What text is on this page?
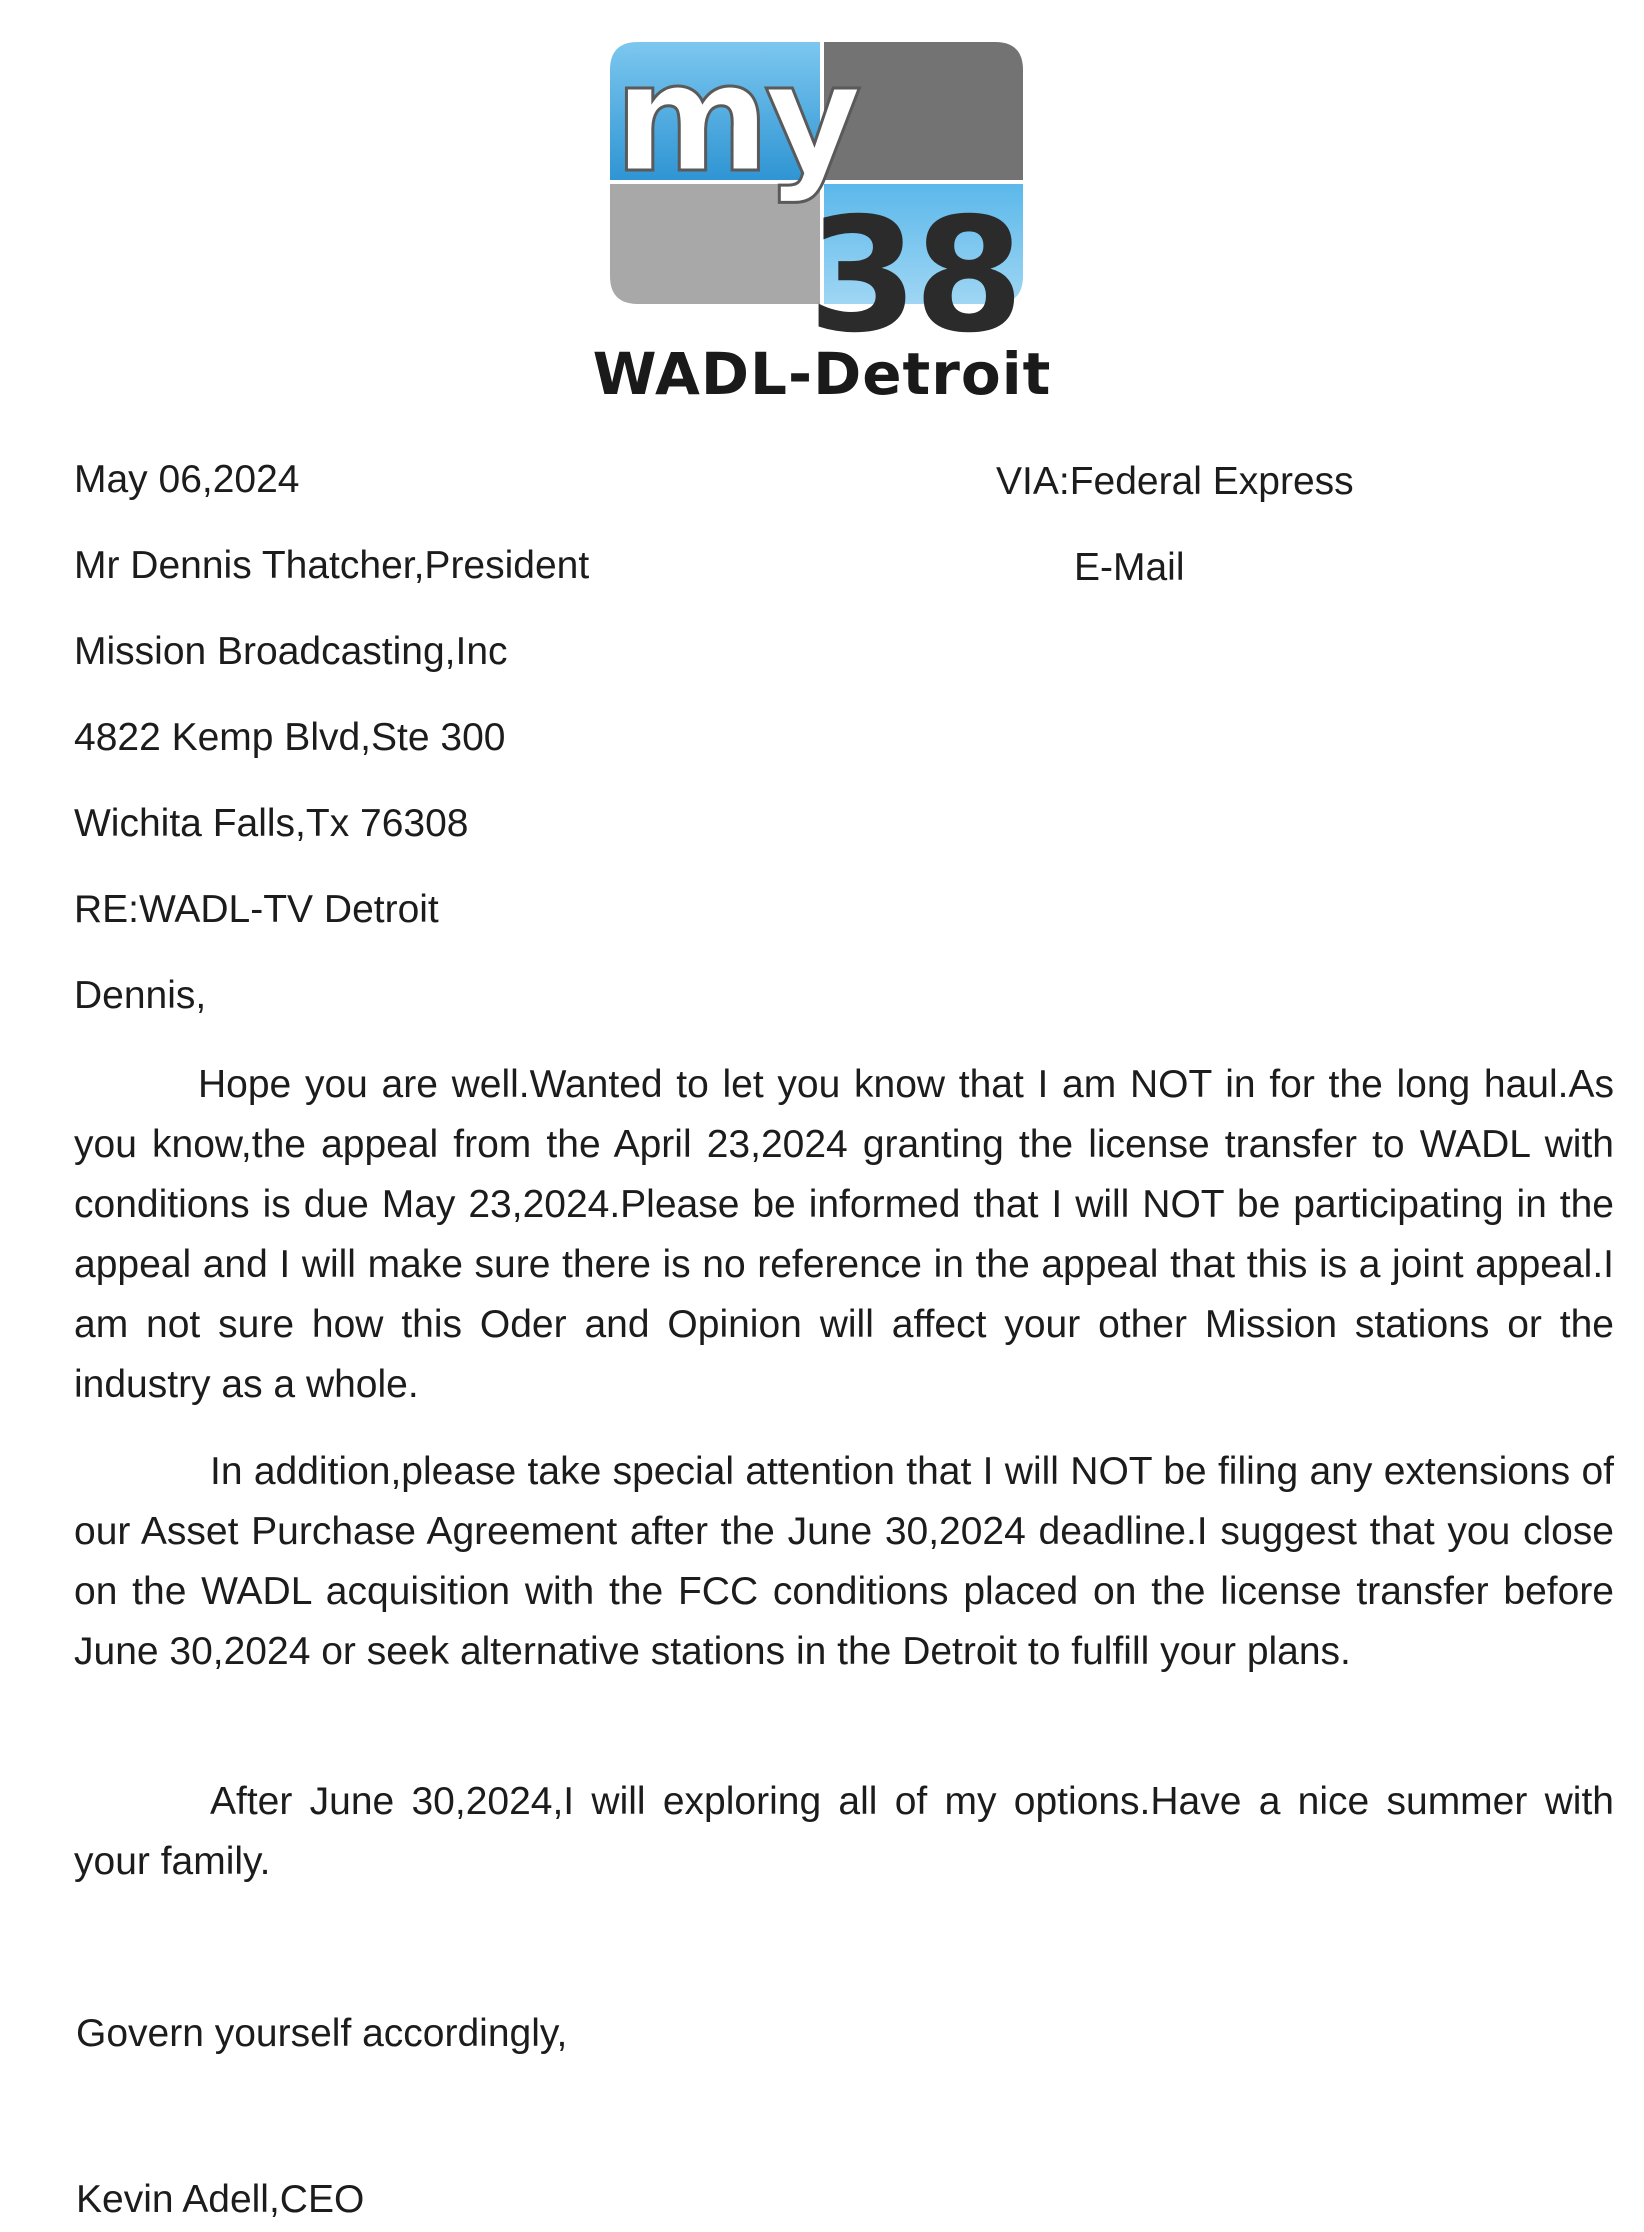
my
38
WADL-Detroit
May 06,2024	VIA:Federal Express
E-Mail
Mr Dennis Thatcher,President
Mission Broadcasting,Inc
4822 Kemp Blvd,Ste 300
Wichita Falls,Tx 76308
RE:WADL-TV Detroit
Dennis,
Hope you are well.Wanted to let you know that I am NOT in for the long haul.As you know,the appeal from the April 23,2024 granting the license transfer to WADL with conditions is due May 23,2024.Please be informed that I will NOT be participating in the appeal and I will make sure there is no reference in the appeal that this is a joint appeal.I am not sure how this Oder and Opinion will affect your other Mission stations or the industry as a whole.
In addition,please take special attention that I will NOT be filing any extensions of our Asset Purchase Agreement after the June 30,2024 deadline.I suggest that you close on the WADL acquisition with the FCC conditions placed on the license transfer before June 30,2024 or seek alternative stations in the Detroit to fulfill your plans.
After June 30,2024,I will exploring all of my options.Have a nice summer with your family.
Govern yourself accordingly,
Kevin Adell,CEO
